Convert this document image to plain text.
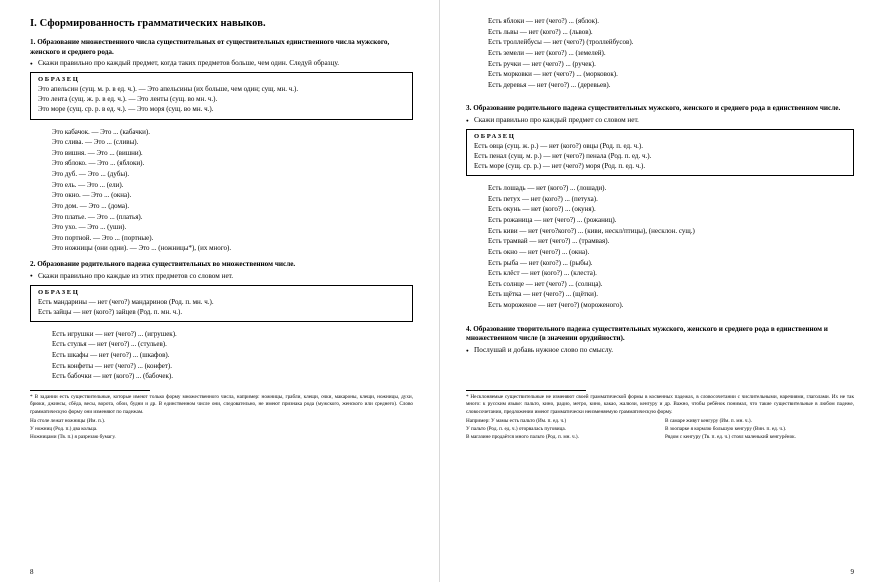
I. Сформированность грамматических навыков.
1. Образование множественного числа существительных от существительных единственного числа мужского, женского и среднего рода.
● Скажи правильно про каждый предмет, когда таких предметов больше, чем один. Следуй образцу.
ОБРАЗЕЦ
Это апельсин (сущ. м. р. в ед. ч.). — Это апельсины (их больше, чем один; сущ. мн. ч.).
Это лента (сущ. ж. р. в ед. ч.). — Это ленты (сущ. во мн. ч.).
Это море (сущ. ср. р. в ед. ч.). — Это моря (сущ. во мн. ч.).
Это кабачок. — Это ... (кабачки).
Это слива. — Это ... (сливы).
Это вишня. — Это ... (вишни).
Это яблоко. — Это ... (яблоки).
Это дуб. — Это ... (дубы).
Это ель. — Это ... (ели).
Это окно. — Это ... (окна).
Это дом. — Это ... (дома).
Это платье. — Это ... (платья).
Это ухо. — Это ... (уши).
Это портной. — Это ... (портные).
Это ножницы (они одни). — Это ... (ножницы*), (их много).
2. Образование родительного падежа существительных во множественном числе.
● Скажи правильно про каждые из этих предметов со словом нет.
ОБРАЗЕЦ
Есть мандарины — нет (чего?) мандаринов (Род. п. мн. ч.).
Есть зайцы — нет (кого?) зайцев (Род. п. мн. ч.).
Есть игрушки — нет (чего?) ... (игрушек).
Есть стулья — нет (чего?) ... (стульев).
Есть шкафы — нет (чего?) ... (шкафов).
Есть конфеты — нет (чего?) ... (конфет).
Есть бабочки — нет (кого?) ... (бабочек).

* В задании есть существительные, которые имеют только форму множественного числа, например: ножницы, грабли, клещи, очки, макароны, клещи, ножницы, духи, брюки, джинсы, сбёда, весы, ворота, обои, будни и др. В единственном числе они, следовательно, не имеют признака рода (мужского, женского или среднего). Слово грамматическую форму они изменяют по падежам.

На столе лежат ножницы (Им. п.).
У ножниц (Род. п.) два кольца.
Ножницами (Тв. п.) я разрезаю бумагу.
8
Есть яблоки — нет (чего?) ... (яблок).
Есть львы — нет (кого?) ... (львов).
Есть троллейбусы — нет (чего?) (троллейбусов).
Есть земели — нет (кого?) ... (земелей).
Есть ручки — нет (чего?) ... (ручек).
Есть морковки — нет (чего?) ... (морковок).
Есть деревья — нет (чего?) ... (деревьев).
3. Образование родительного падежа существительных мужского, женского и среднего рода в единственном числе.
● Скажи правильно про каждый предмет со словом нет.
ОБРАЗЕЦ
Есть овца (сущ. ж. р.) — нет (кого?) овцы (Род. п. ед. ч.).
Есть пенал (сущ. м. р.) — нет (чего?) пенала (Род. п. ед. ч.).
Есть море (сущ. ср. р.) — нет (чего?) моря (Род. п. ед. ч.).
Есть лошадь — нет (кого?) ... (лошади).
Есть петух — нет (кого?) ... (петуха).
Есть окунь — нет (кого?) ... (окуня).
Есть рожаница — нет (чего?) ... (рожаниц).
Есть киви — нет (чего?кого?) ... (киви, нескл/птицы), (несклон. сущ.)
Есть трамвай — нет (чего?) ... (трамвая).
Есть окно — нет (чего?) ... (окна).
Есть рыба — нет (кого?) ... (рыбы).
Есть клёст — нет (кого?) ... (клеста).
Есть солнце — нет (чего?) ... (солнца).
Есть щётка — нет (чего?) ... (щётки).
Есть мороженое — нет (чего?) (мороженого).
4. Образование творительного падежа существительных мужского, женского и среднего рода в единственном и множественном числе (в значении орудийности).
● Послушай и добавь нужное слово по смыслу.

* Несклоняемые существительные не изменяют своей грамматической формы в косвенных падежах, в словосочетании с числительными, наречиями, глаголами. Их не так много: к русским языке: пальто, кино, радио, метро, кино, какао, жалюзи, кенгуру и др. Важно, чтобы ребёнок понимал, что такие существительные в любом падеже, словосочетании, предложении имеют грамматически неизменяемую грамматическую форму.

Например: У мамы есть пальто (Им. п. ед. ч.)
У пальто (Род. п. ед. ч.) оторвалась пуговица.
В магазине продаётся много пальто (Род. п. мн. ч.).
В самаре живут кенгуру (Им. п. мн. ч.).
В зоопарке я кормлю большую кенгуру (Вин. п. ед. ч.).
Рядом с кенгуру (Тв. п. ед. ч.) стоял маленький кенгурёнок.
9
